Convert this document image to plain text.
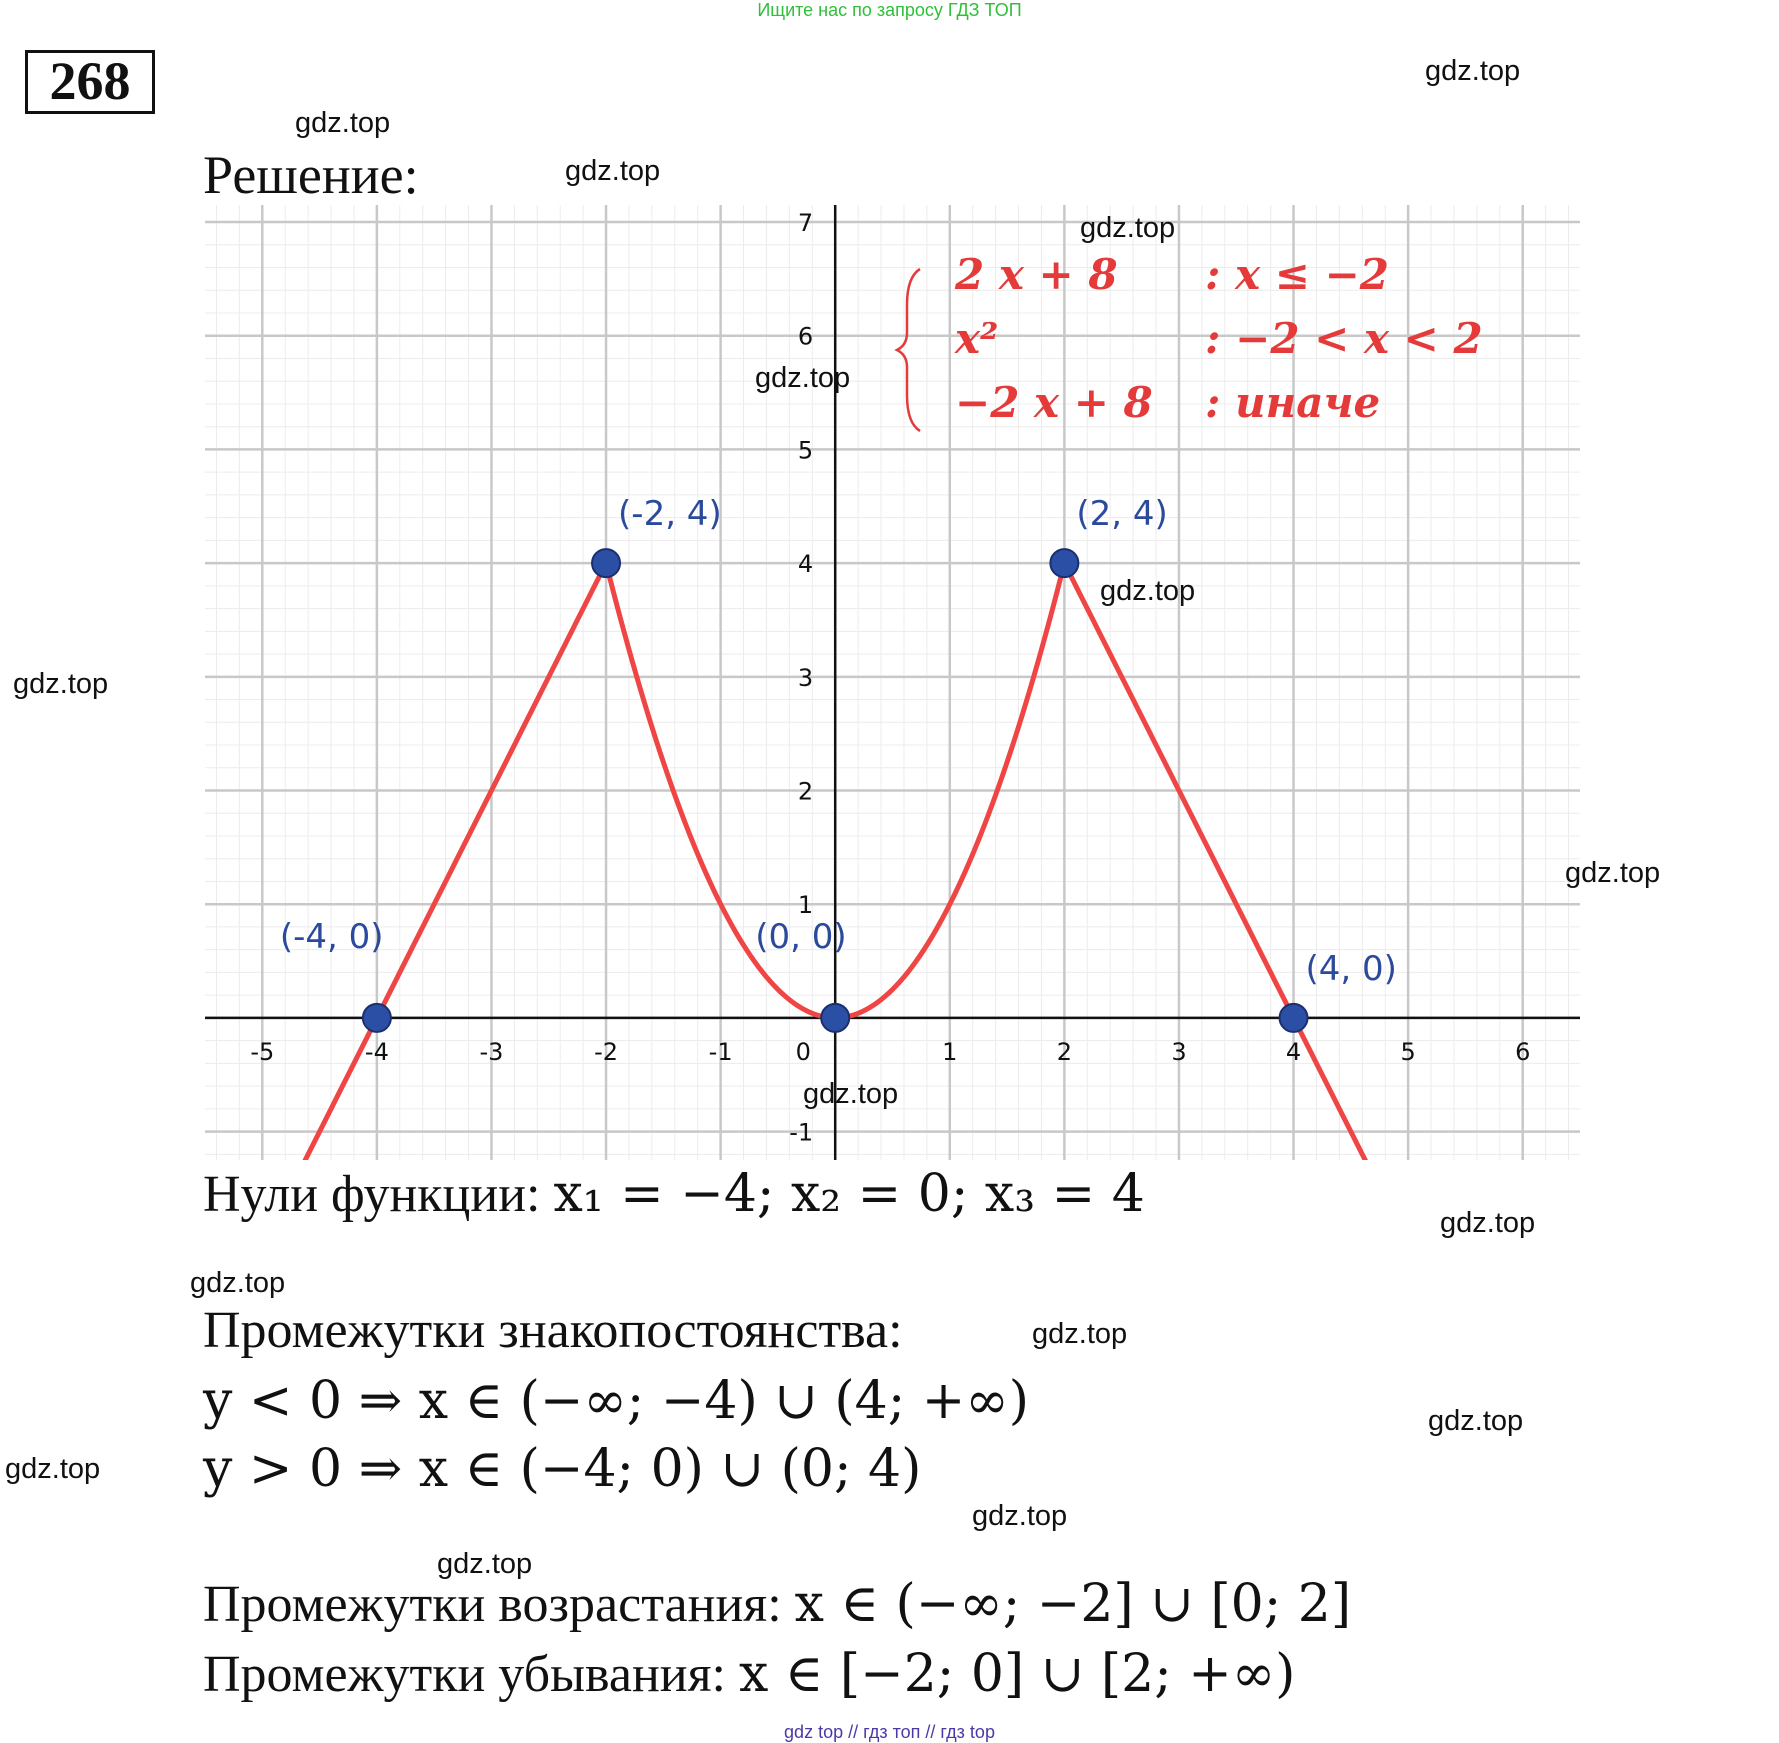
Ищите нас по запросу ГДЗ ТОП
268
Решение:
-5	-4	-3	-2	-1	0	1	2	3	4	5	6
-1
1
2
3
4
5
6
7
(-2, 4)	(2, 4)
(-4, 0)	(0, 0)
(4, 0)
2 x + 8 : x ≤ −2
x²	: −2 < x < 2
−2 x + 8 : иначе
Нули функции: x₁ = −4; x₂ = 0; x₃ = 4
Промежутки знакопостоянства:
y < 0 ⇒ x ∈ (−∞; −4) ∪ (4; +∞)
y > 0 ⇒ x ∈ (−4; 0) ∪ (0; 4)
Промежутки возрастания: x ∈ (−∞; −2] ∪ [0; 2]
Промежутки убывания: x ∈ [−2; 0] ∪ [2; +∞)
gdz.top
gdz.top
gdz.top
gdz.top
gdz.top
gdz.top
gdz.top
gdz.top
gdz.top
gdz.top
gdz.top
gdz.top
gdz.top
gdz.top
gdz.top
gdz.top
gdz top // гдз топ // гдз top
